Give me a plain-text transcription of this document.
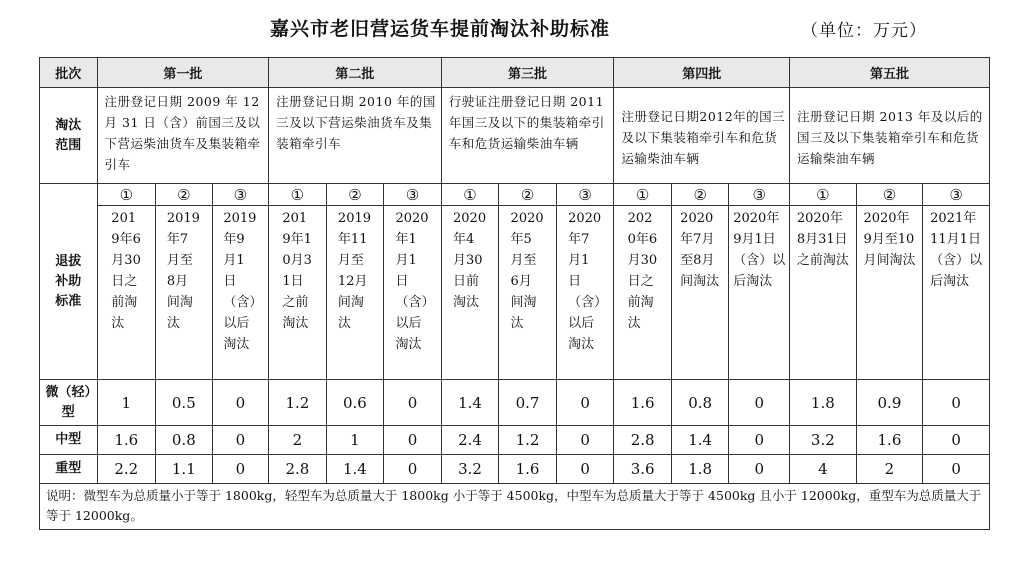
嘉兴市老旧营运货车提前淘汰补助标准	（单位：万元）
批次	第一批			第二批			第三批			第四批			第五批		
淘汰范围	注册登记日期 2009 年 12 月 31 日（含）前国三及以下营运柴油货车及集装箱牵引车			注册登记日期 2010 年的国三及以下营运柴油货车及集装箱牵引车			行驶证注册登记日期 2011 年国三及以下的集装箱牵引车和危货运输柴油车辆			注册登记日期2012年的国三及以下集装箱牵引车和危货运输柴油车辆			注册登记日期 2013 年及以后的国三及以下集装箱牵引车和危货运输柴油车辆		
退拔补助标准	①	②	③	①	②	③	①	②	③	①	②	③	①	②	③

	2019年6月30日之前淘汰	2019年7月至8月间淘汰	2019年9月1日（含）以后淘汰	2019年10月31日之前淘汰	2019年11月至12月间淘汰	2020年1月1日（含）以后淘汰	2020年4月30日前淘汰	2020年5月至6月间淘汰	2020年7月1日（含）以后淘汰	2020年6月30日之前淘汰	2020年7月至8月间淘汰	2020年9月1日（含）以后淘汰	2020年8月31日之前淘汰	2020年9月至10月间淘汰	2021年11月1日（含）以后淘汰

微（轻）型	1	0.5	0	1.2	0.6	0	1.4	0.7	0	1.6	0.8	0	1.8	0.9	0
中型	1.6	0.8	0	2	1	0	2.4	1.2	0	2.8	1.4	0	3.2	1.6	0
重型	2.2	1.1	0	2.8	1.4	0	3.2	1.6	0	3.6	1.8	0	4	2	0
说明：微型车为总质量小于等于 1800kg，轻型车为总质量大于 1800kg 小于等于 4500kg，中型车为总质量大于等于 4500kg 且小于 12000kg，重型车为总质量大于等于 12000kg。															
